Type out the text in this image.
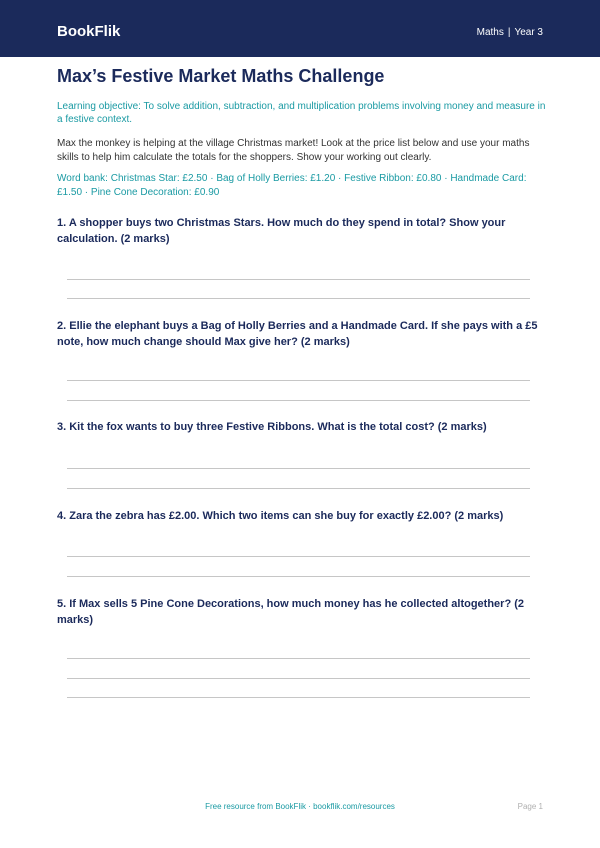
BookFlik	Maths | Year 3
Max’s Festive Market Maths Challenge
Learning objective: To solve addition, subtraction, and multiplication problems involving money and measure in a festive context.
Max the monkey is helping at the village Christmas market! Look at the price list below and use your maths skills to help him calculate the totals for the shoppers. Show your working out clearly.
Word bank: Christmas Star: £2.50 · Bag of Holly Berries: £1.20 · Festive Ribbon: £0.80 · Handmade Card: £1.50 · Pine Cone Decoration: £0.90
1. A shopper buys two Christmas Stars. How much do they spend in total? Show your calculation. (2 marks)
2. Ellie the elephant buys a Bag of Holly Berries and a Handmade Card. If she pays with a £5 note, how much change should Max give her? (2 marks)
3. Kit the fox wants to buy three Festive Ribbons. What is the total cost? (2 marks)
4. Zara the zebra has £2.00. Which two items can she buy for exactly £2.00? (2 marks)
5. If Max sells 5 Pine Cone Decorations, how much money has he collected altogether? (2 marks)
Free resource from BookFlik · bookflik.com/resources	Page 1
